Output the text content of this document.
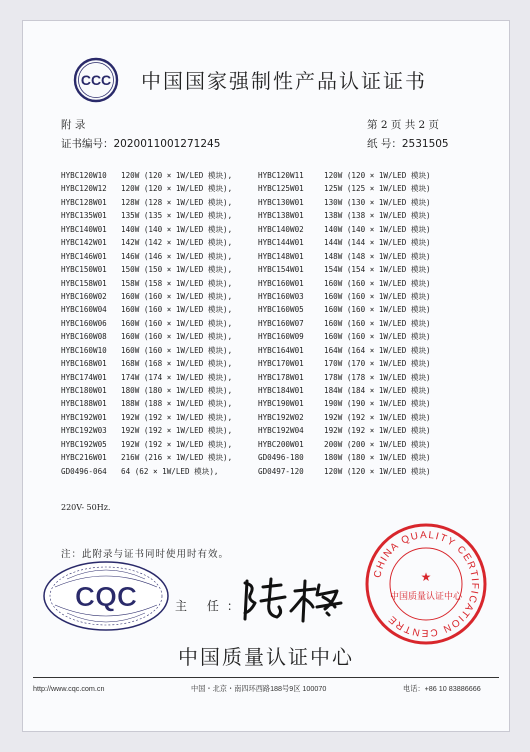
CCC 中国国家强制性产品认证证书
附 录	第 2 页 共 2 页
证书编号：2020011001271245	纸 号：2531505
HYBC120W10 120W (120 × 1W/LED 模块),	HYBC120W11	120W (120 × 1W/LED 模块)
HYBC120W12 120W (120 × 1W/LED 模块),	HYBC125W01	125W (125 × 1W/LED 模块)
HYBC128W01 128W (128 × 1W/LED 模块),	HYBC130W01	130W (130 × 1W/LED 模块)
HYBC135W01 135W (135 × 1W/LED 模块),	HYBC138W01	138W (138 × 1W/LED 模块)
HYBC140W01 140W (140 × 1W/LED 模块),	HYBC140W02	140W (140 × 1W/LED 模块)
HYBC142W01 142W (142 × 1W/LED 模块),	HYBC144W01	144W (144 × 1W/LED 模块)
HYBC146W01 146W (146 × 1W/LED 模块),	HYBC148W01	148W (148 × 1W/LED 模块)
HYBC150W01 150W (150 × 1W/LED 模块),	HYBC154W01	154W (154 × 1W/LED 模块)
HYBC158W01 158W (158 × 1W/LED 模块),	HYBC160W01	160W (160 × 1W/LED 模块)
HYBC160W02 160W (160 × 1W/LED 模块),	HYBC160W03	160W (160 × 1W/LED 模块)
HYBC160W04 160W (160 × 1W/LED 模块),	HYBC160W05	160W (160 × 1W/LED 模块)
HYBC160W06 160W (160 × 1W/LED 模块),	HYBC160W07	160W (160 × 1W/LED 模块)
HYBC160W08 160W (160 × 1W/LED 模块),	HYBC160W09	160W (160 × 1W/LED 模块)
HYBC160W10 160W (160 × 1W/LED 模块),	HYBC164W01	164W (164 × 1W/LED 模块)
HYBC168W01 168W (168 × 1W/LED 模块),	HYBC170W01	170W (170 × 1W/LED 模块)
HYBC174W01 174W (174 × 1W/LED 模块),	HYBC178W01	178W (178 × 1W/LED 模块)
HYBC180W01 180W (180 × 1W/LED 模块),	HYBC184W01	184W (184 × 1W/LED 模块)
HYBC188W01 188W (188 × 1W/LED 模块),	HYBC190W01	190W (190 × 1W/LED 模块)
HYBC192W01 192W (192 × 1W/LED 模块),	HYBC192W02	192W (192 × 1W/LED 模块)
HYBC192W03 192W (192 × 1W/LED 模块),	HYBC192W04	192W (192 × 1W/LED 模块)
HYBC192W05 192W (192 × 1W/LED 模块),	HYBC200W01	200W (200 × 1W/LED 模块)
HYBC216W01 216W (216 × 1W/LED 模块),	GD0496-180	180W (180 × 1W/LED 模块)
GD0496-064 64 (62 × 1W/LED 模块),	GD0497-120	120W (120 × 1W/LED 模块)
220V- 50Hz.
注：此附录与证书同时使用时有效。
CQC	主 任：
CHINA QUALITY CERTIFICATION CENTRE
★
中国质量认证中心
中国质量认证中心
http://www.cqc.com.cn	中国・北京・南四环西路188号9区 100070	电话：+86 10 83886666
